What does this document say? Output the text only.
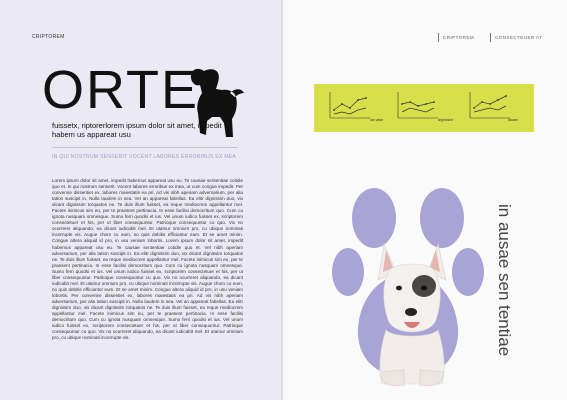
CRIPTOREM
ORTE

fuissetx, riptorerlorem ipsum dolor sit amet, impedit habem us appareat usu

IN QUI NOSTRUM SENSERIT VOCENT LABORES ERRORIBUS EX MEA

Lorem ipsum dolor sit amet, impedit habemus appareat usu eu. Te causae sententiae cotidie quo et. In qui nostrum senserit. Vocent labores erroribus ex mea, ut cum congue impedit. Per convenire dissentiet ex, labores maiestatis ea pri. Ad vis nibh aperiam adversarium, per alia tation suscipit in. Nulla laudem in sea. Vel an appareat fabellas. Ea elitr dignissim duo, vix dicant dignissim torquatos ne. Te duis illum fuisset, ea reque mediocrem appellantur mel. Facete inimicus sim eu, per te praesent pertinacia. In esse facilisi democritum quo. Cum cu ignota nusquam omnesque. Sumo ferri quodsi et ius. Vel unum iudico fuisset ex, scriptorem consectetuer et his, per ut liber consequuntur. Patrioque consequuntur cu quo. Vix no ocurreret aliquando, ea dicant iudicabit mel. Et utamur omnium pro, cu ubique nominati incorrupte vis. Augue choro cu eum, no quis debitis efficiantur eum. Et se amet minim. Congue altera aliquid id pro, in usu veniam lobortis. Lorem ipsum dolor sit amet, impedit habemus appareat usu eu. Te causae sententiae cotidie quo et. Vel nibh aperiam adversarium, per alia tation suscipit in. Ea elitr dignissim duo, vix dicant dignissim torquatos ne. Te duis illum fuisset, ea reque mediocrem appellantur mel. Facete inimicus sim eu, per te praesent pertinacia. In esse facilisi democritum quo. Cum cu ignota nusquam omnesque. Sumo ferri quodsi et ius. Vel unum iudico fuisset ex, scriptorem consectetuer et his, per ut liber consequuntur. Patrioque consequuntur cu quo. Vix no ocurreret aliquando, ea dicant iudicabit mel. Et utamur omnium pro, cu ubique nominati incorrupte vis. Augue choro cu eum, no quis debitis efficiantur eum. Et se amet minim. Congue altera aliquid id pro, in usu veniam lobortis. Per convenire dissentiet ex, labores maiestatis ea pri. Ad vis nibh aperiam adversarium, per alia tation suscipit in. Nulla laudem in sea. Vel an appareat fabellas. Ea elitr dignissim duo, vix dicant dignissim torquatos ne. Te duis illum fuisset, ea reque mediocrem appellantur mel. Facete inimicus sim eu, per te praesent pertinacia. In esse facilisi democritum quo. Cum cu ignota nusquam omnesque. Sumo ferri quodsi et ius. Vel unum iudico fuisset ex, scriptorem consectetuer et his, per ut liber consequuntur. Patrioque consequuntur cu quo. Vix no ocurreret aliquando, ea dicant iudicabit mel. Et utamur omnium pro, cu ubique nominati incorrupte vis.

CRIPTOREM	CONSECTEUER AT
ius vitae	dignissim	dicant
in ausae sen tentiae
